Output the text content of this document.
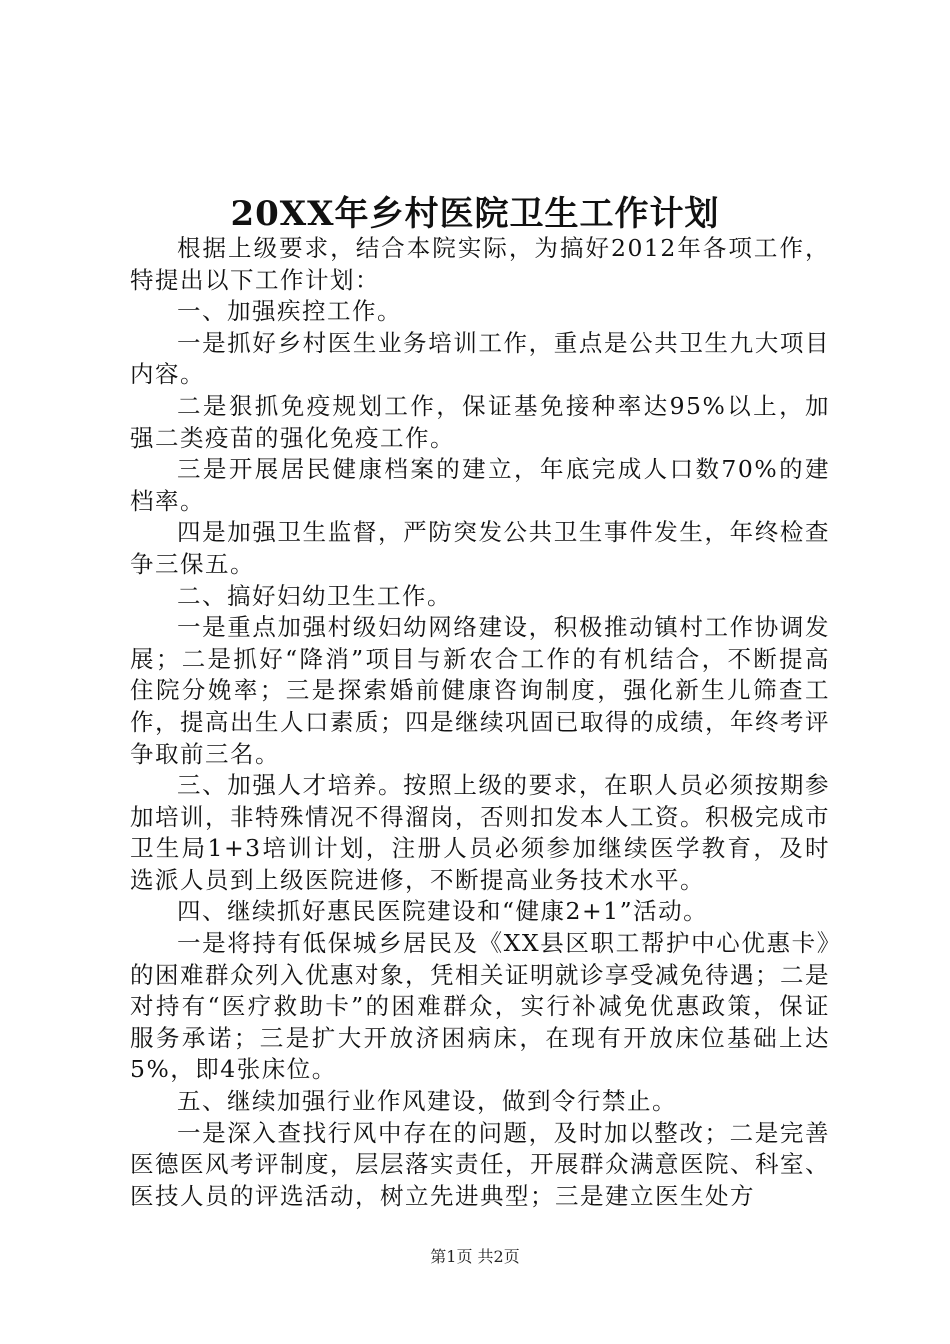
20XX年乡村医院卫生工作计划

根据上级要求，结合本院实际，为搞好2012年各项工作，特提出以下工作计划：

一、加强疾控工作。

一是抓好乡村医生业务培训工作，重点是公共卫生九大项目内容。

二是狠抓免疫规划工作，保证基免接种率达95%以上，加强二类疫苗的强化免疫工作。

三是开展居民健康档案的建立，年底完成人口数70%的建档率。

四是加强卫生监督，严防突发公共卫生事件发生，年终检查争三保五。

二、搞好妇幼卫生工作。

一是重点加强村级妇幼网络建设，积极推动镇村工作协调发展；二是抓好“降消”项目与新农合工作的有机结合，不断提高住院分娩率；三是探索婚前健康咨询制度，强化新生儿筛查工作，提高出生人口素质；四是继续巩固已取得的成绩，年终考评争取前三名。

三、加强人才培养。按照上级的要求，在职人员必须按期参加培训，非特殊情况不得溜岗，否则扣发本人工资。积极完成市卫生局1+3培训计划，注册人员必须参加继续医学教育，及时选派人员到上级医院进修，不断提高业务技术水平。

四、继续抓好惠民医院建设和“健康2+1”活动。

一是将持有低保城乡居民及《XX县区职工帮护中心优惠卡》的困难群众列入优惠对象，凭相关证明就诊享受减免待遇；二是对持有“医疗救助卡”的困难群众，实行补减免优惠政策，保证服务承诺；三是扩大开放济困病床，在现有开放床位基础上达5%，即4张床位。

五、继续加强行业作风建设，做到令行禁止。

一是深入查找行风中存在的问题，及时加以整改；二是完善医德医风考评制度，层层落实责任，开展群众满意医院、科室、医技人员的评选活动，树立先进典型；三是建立医生处方

第1页 共2页
